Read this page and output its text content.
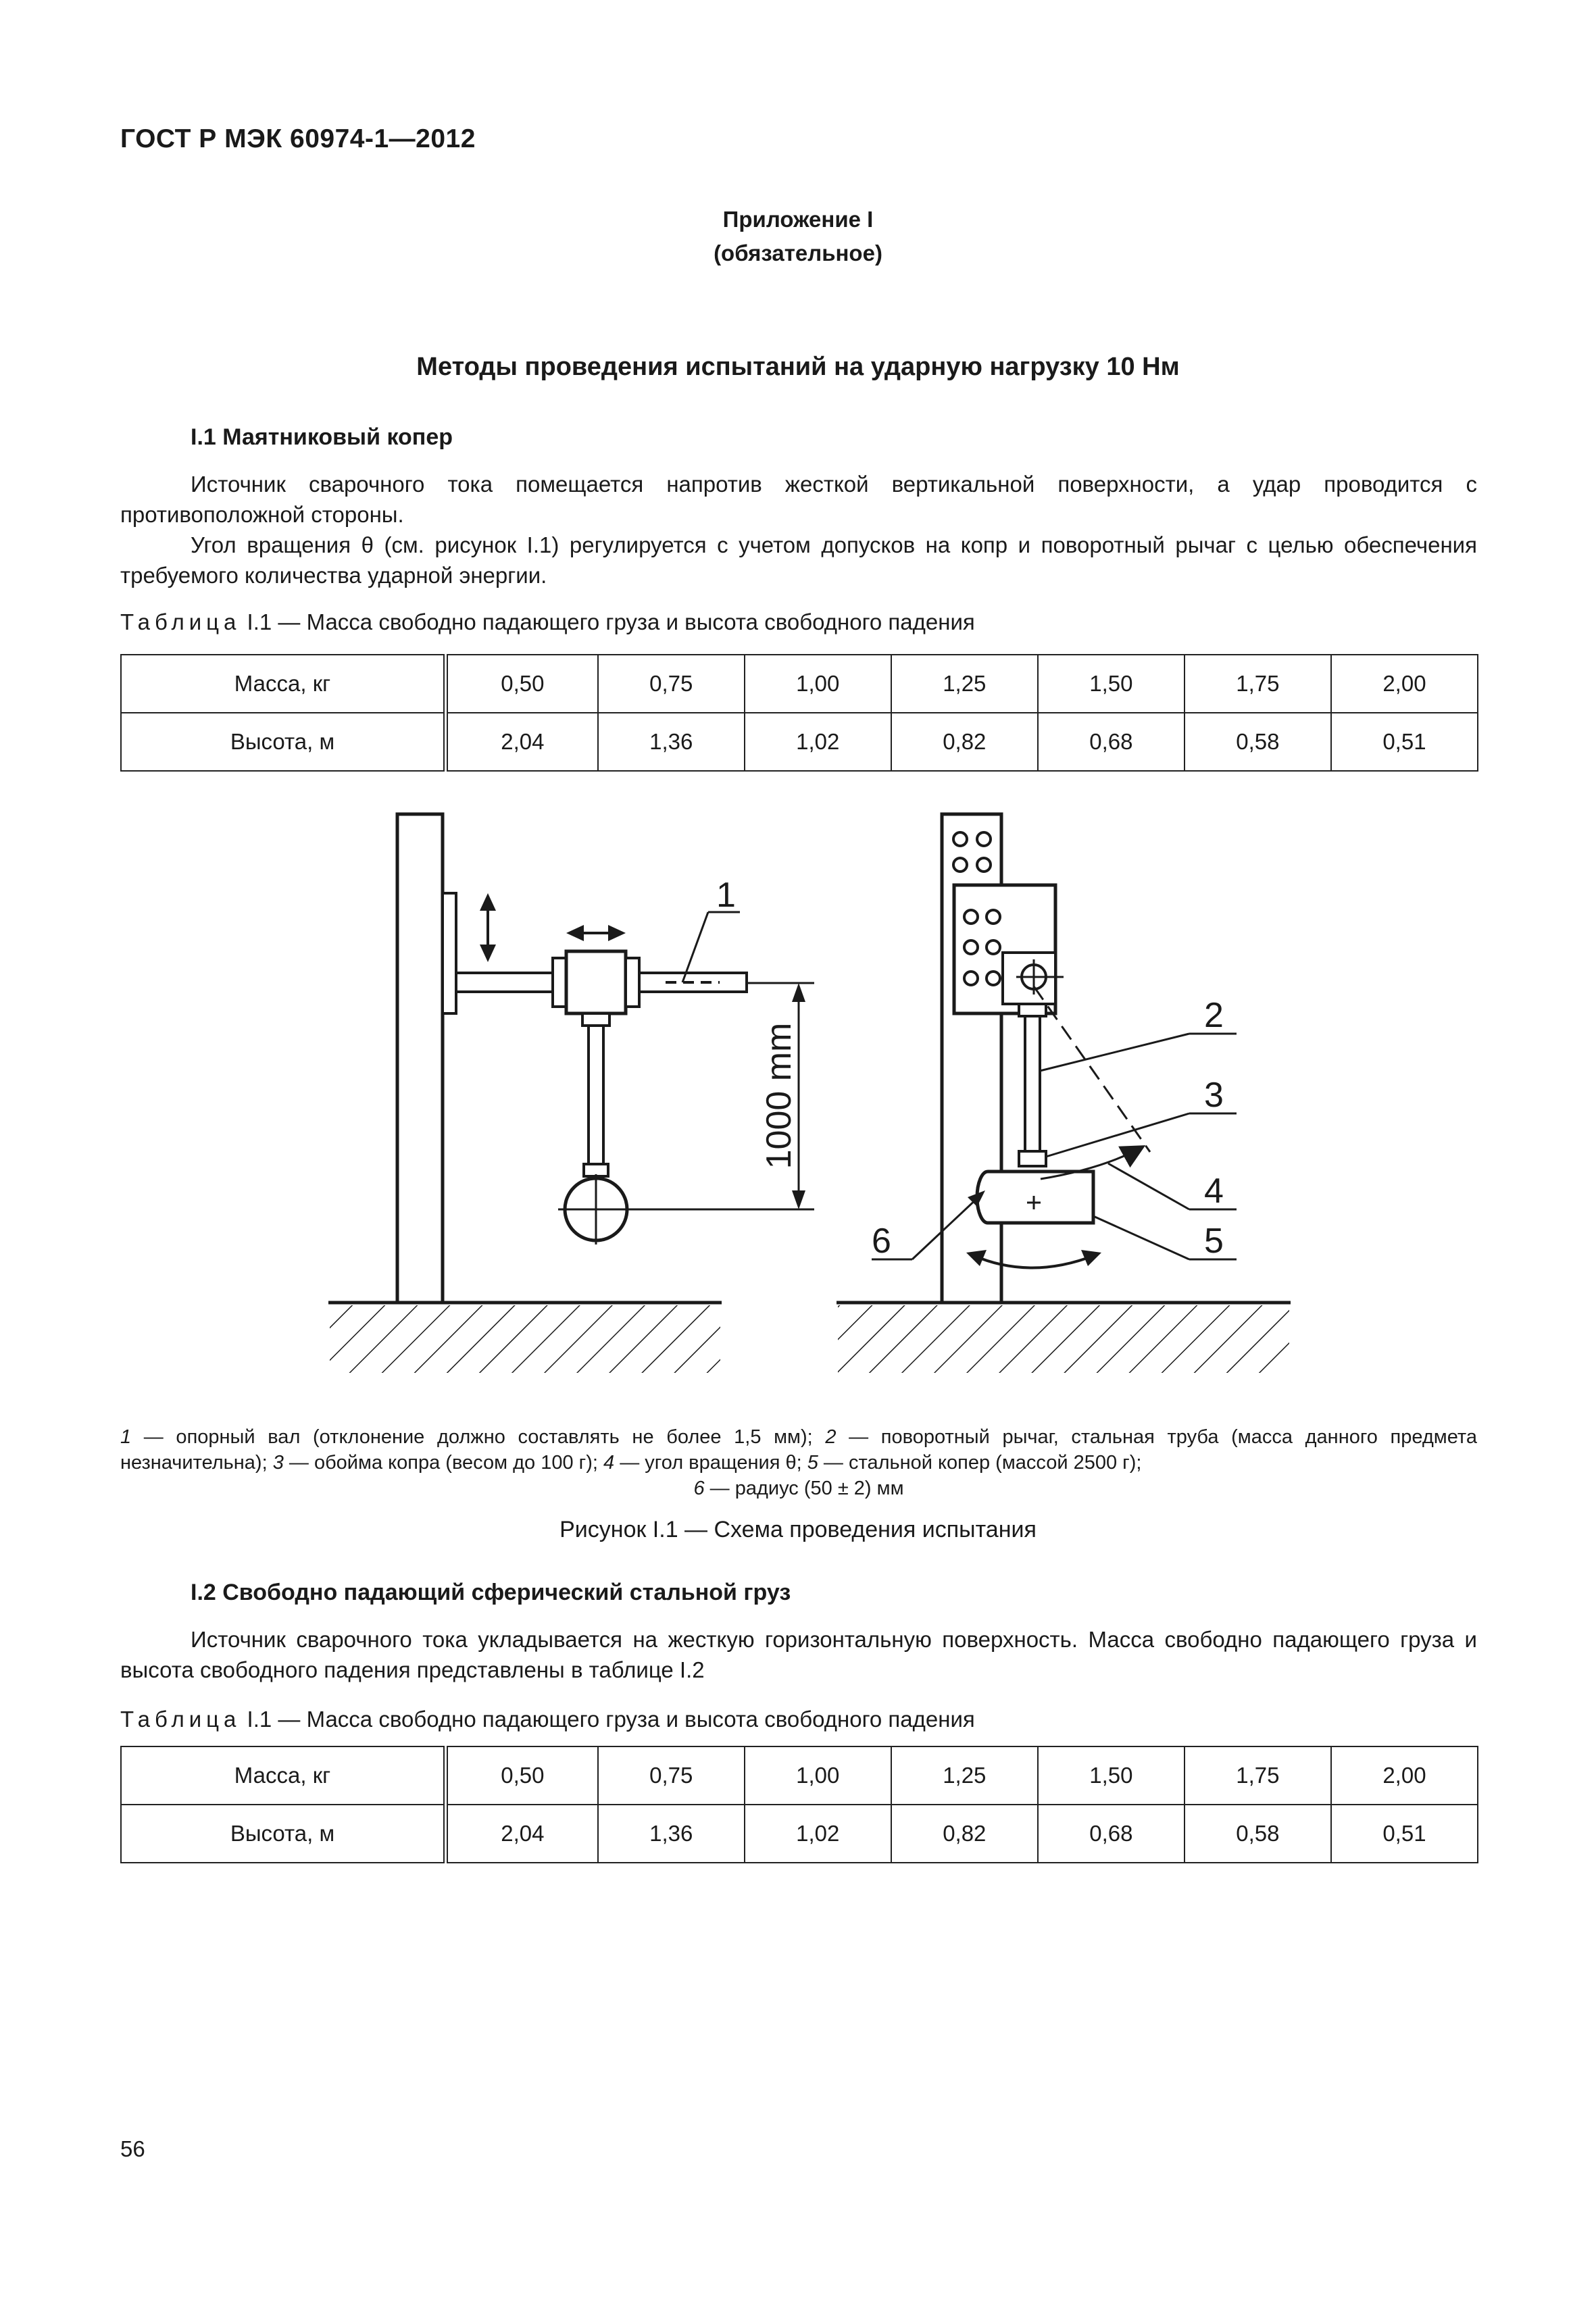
ГОСТ Р МЭК 60974-1—2012
Приложение I
(обязательное)
Методы проведения испытаний на ударную нагрузку 10 Нм
I.1 Маятниковый копер
Источник сварочного тока помещается напротив жесткой вертикальной поверхности, а удар проводится с противоположной стороны.
Угол вращения θ (см. рисунок I.1) регулируется с учетом допусков на копр и поворотный рычаг с целью обеспечения требуемого количества ударной энергии.
Таблица I.1 — Масса свободно падающего груза и высота свободного падения
Масса, кг	0,50	0,75	1,00	1,25	1,50	1,75	2,00
Высота, м	2,04	1,36	1,02	0,82	0,68	0,58	0,51
1000 mm
1
2
3
4
5
6
1 — опорный вал (отклонение должно составлять не более 1,5 мм); 2 — поворотный рычаг, стальная труба (масса данного предмета незначительна); 3 — обойма копра (весом до 100 г); 4 — угол вращения θ; 5 — стальной копер (массой 2500 г);

6 — радиус (50 ± 2) мм
Рисунок I.1 — Схема проведения испытания
I.2 Свободно падающий сферический стальной груз
Источник сварочного тока укладывается на жесткую горизонтальную поверхность. Масса свободно падающего груза и высота свободного падения представлены в таблице I.2
Таблица I.1 — Масса свободно падающего груза и высота свободного падения
Масса, кг	0,50	0,75	1,00	1,25	1,50	1,75	2,00
Высота, м	2,04	1,36	1,02	0,82	0,68	0,58	0,51
56
